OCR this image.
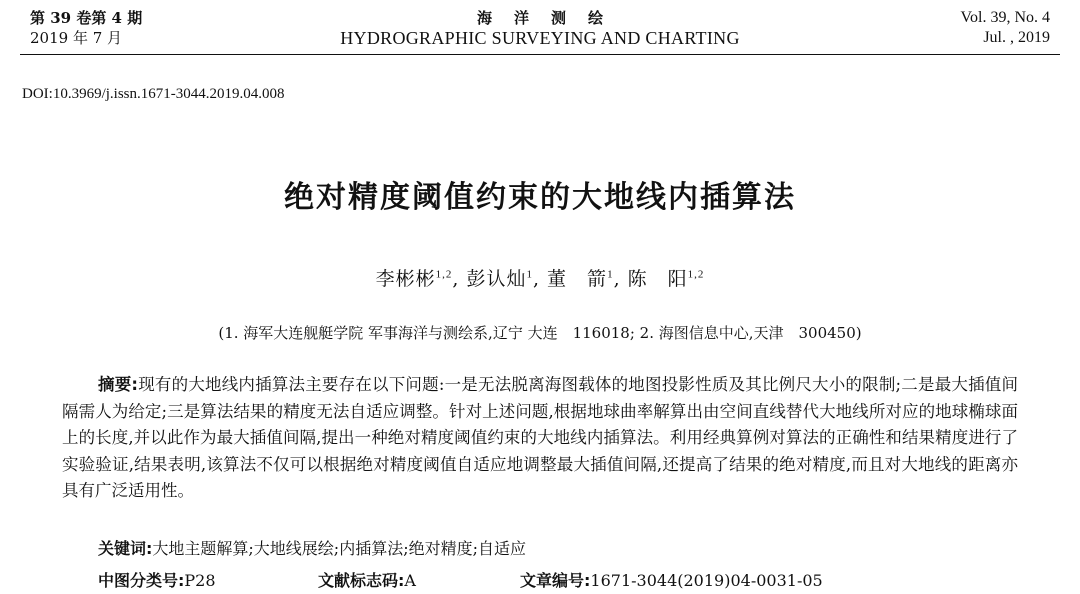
第 39 卷第 4 期
2019 年 7 月
海洋测绘
HYDROGRAPHIC SURVEYING AND CHARTING
Vol. 39, No. 4
Jul. , 2019
DOI:10.3969/j.issn.1671-3044.2019.04.008
绝对精度阈值约束的大地线内插算法
李彬彬$^{1,2}$, 彭认灿$^1$, 董　箭$^1$, 陈　阳$^{1,2}$
(1. 海军大连舰艇学院 军事海洋与测绘系,辽宁 大连　116018; 2. 海图信息中心,天津　300450)
摘要:现有的大地线内插算法主要存在以下问题:一是无法脱离海图载体的地图投影性质及其比例尺大小的限制;二是最大插值间隔需人为给定;三是算法结果的精度无法自适应调整。针对上述问题,根据地球曲率解算出由空间直线替代大地线所对应的地球椭球面上的长度,并以此作为最大插值间隔,提出一种绝对精度阈值约束的大地线内插算法。利用经典算例对算法的正确性和结果精度进行了实验验证,结果表明,该算法不仅可以根据绝对精度阈值自适应地调整最大插值间隔,还提高了结果的绝对精度,而且对大地线的距离亦具有广泛适用性。
关键词:大地主题解算;大地线展绘;内插算法;绝对精度;自适应
中图分类号:P28	文献标志码:A	文章编号:1671-3044(2019)04-0031-05
